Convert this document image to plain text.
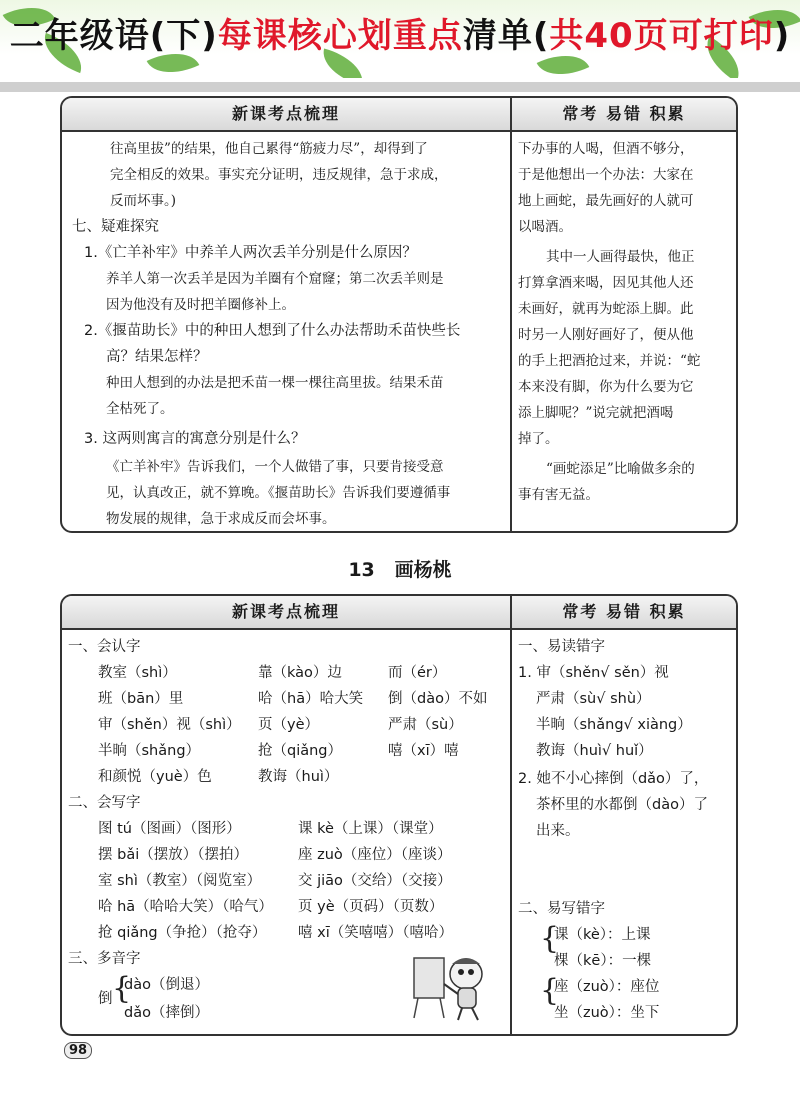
二年级语(下)每课核心划重点清单(共40页可打印)
新课考点梳理	常考 易错 积累
往高里拔”的结果，他自己累得“筋疲力尽”，却得到了
完全相反的效果。事实充分证明，违反规律，急于求成，
反而坏事。)
七、疑难探究
1.《亡羊补牢》中养羊人两次丢羊分别是什么原因？
养羊人第一次丢羊是因为羊圈有个窟窿；第二次丢羊则是
因为他没有及时把羊圈修补上。
2.《揠苗助长》中的种田人想到了什么办法帮助禾苗快些长
高？结果怎样？
种田人想到的办法是把禾苗一棵一棵往高里拔。结果禾苗
全枯死了。
3. 这两则寓言的寓意分别是什么？
《亡羊补牢》告诉我们，一个人做错了事，只要肯接受意
见，认真改正，就不算晚。《揠苗助长》告诉我们要遵循事
物发展的规律，急于求成反而会坏事。
下办事的人喝，但酒不够分，
于是他想出一个办法：大家在
地上画蛇，最先画好的人就可
以喝酒。
其中一人画得最快，他正
打算拿酒来喝，因见其他人还
未画好，就再为蛇添上脚。此
时另一人刚好画好了，便从他
的手上把酒抢过来，并说：“蛇
本来没有脚，你为什么要为它
添上脚呢？”说完就把酒喝
掉了。
“画蛇添足”比喻做多余的
事有害无益。
13 画杨桃
新课考点梳理	常考 易错 积累
一、会认字
教室（shì）	靠（kào）边	而（ér）
班（bān）里	哈（hā）哈大笑 倒（dào）不如
审（shěn）视（shì） 页（yè）	严肃（sù）
半晌（shǎng）	抢（qiǎng）	嘻（xī）嘻
和颜悦（yuè）色	教诲（huì）
二、会写字
图 tú（图画）（图形）	课 kè（上课）（课堂）
摆 bǎi（摆放）（摆拍）	座 zuò（座位）（座谈）
室 shì（教室）（阅览室）	交 jiāo（交给）（交接）
哈 hā（哈哈大笑）（哈气） 页 yè（页码）（页数）
抢 qiǎng（争抢）（抢夺） 嘻 xī（笑嘻嘻）（嘻哈）
三、多音字
倒 {
dào（倒退）
dǎo（摔倒）
一、易读错字
1. 审（shěn√ sěn）视
严肃（sù√ shù）
半晌（shǎng√ xiàng）
教诲（huì√ huǐ）
2. 她不小心摔倒（dǎo）了，
茶杯里的水都倒（dào）了
出来。
二、易写错字
{
课（kè）：上课
棵（kē）：一棵
{
座（zuò）：座位
坐（zuò）：坐下
98
